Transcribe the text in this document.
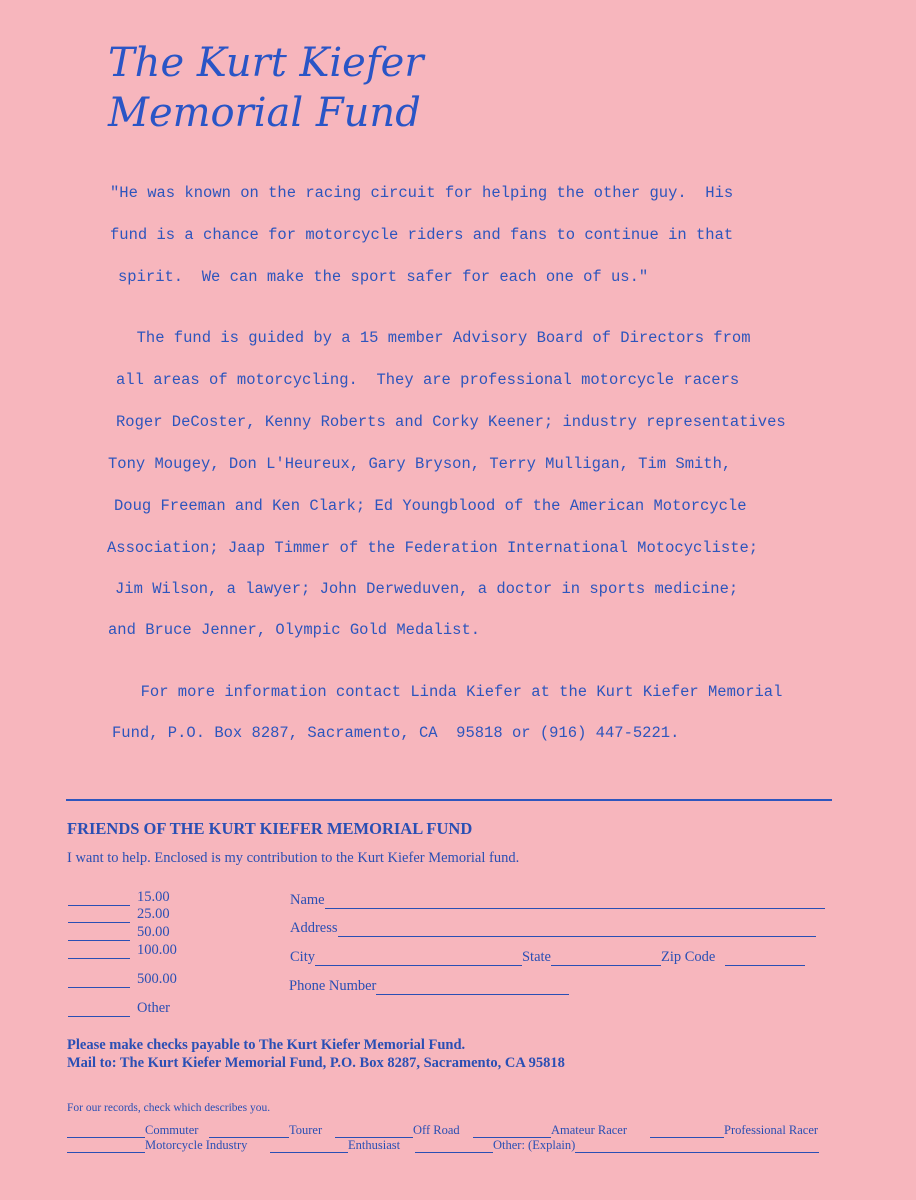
The Kurt Kiefer
Memorial Fund

"He was known on the racing circuit for helping the other guy.  His

fund is a chance for motorcycle riders and fans to continue in that

spirit.  We can make the sport safer for each one of us."

The fund is guided by a 15 member Advisory Board of Directors from

all areas of motorcycling.  They are professional motorcycle racers

Roger DeCoster, Kenny Roberts and Corky Keener; industry representatives

Tony Mougey, Don L'Heureux, Gary Bryson, Terry Mulligan, Tim Smith,

Doug Freeman and Ken Clark; Ed Youngblood of the American Motorcycle

Association; Jaap Timmer of the Federation International Motocycliste;

Jim Wilson, a lawyer; John Derweduven, a doctor in sports medicine;

and Bruce Jenner, Olympic Gold Medalist.

For more information contact Linda Kiefer at the Kurt Kiefer Memorial

Fund, P.O. Box 8287, Sacramento, CA  95818 or (916) 447-5221.

FRIENDS OF THE KURT KIEFER MEMORIAL FUND

I want to help. Enclosed is my contribution to the Kurt Kiefer Memorial fund.

15.00
25.00
50.00
100.00
500.00
Other
Name
Address
City	State	Zip Code
Phone Number

Please make checks payable to The Kurt Kiefer Memorial Fund.

Mail to: The Kurt Kiefer Memorial Fund, P.O. Box 8287, Sacramento, CA 95818

For our records, check which describes you.

Commuter	Tourer	Off Road	Amateur Racer	Professional Racer
Motorcycle Industry	Enthusiast	Other: (Explain)
